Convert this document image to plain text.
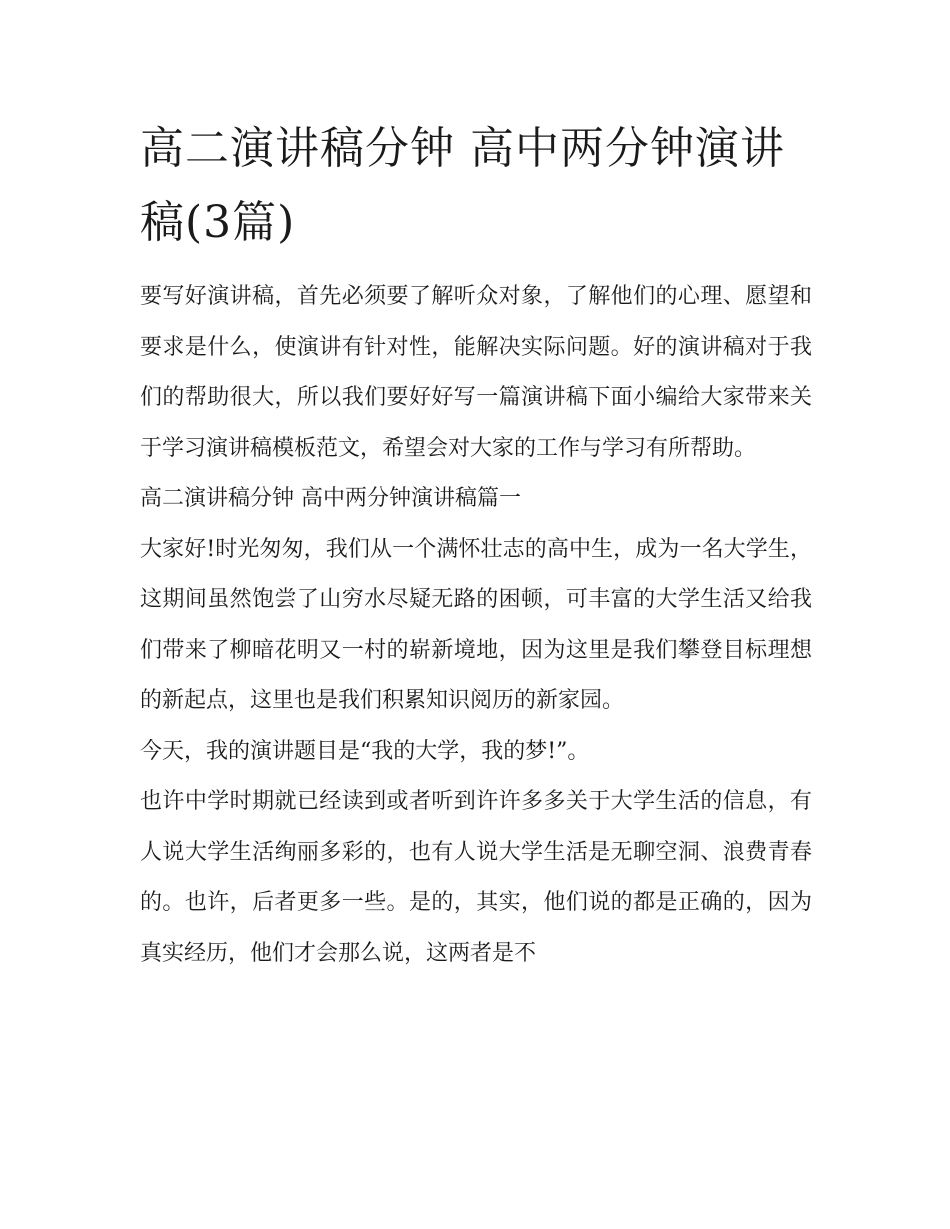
高二演讲稿分钟 高中两分钟演讲稿(3篇)

要写好演讲稿，首先必须要了解听众对象，了解他们的心理、愿望和要求是什么，使演讲有针对性，能解决实际问题。好的演讲稿对于我们的帮助很大，所以我们要好好写一篇演讲稿下面小编给大家带来关于学习演讲稿模板范文，希望会对大家的工作与学习有所帮助。

高二演讲稿分钟 高中两分钟演讲稿篇一

大家好!时光匆匆，我们从一个满怀壮志的高中生，成为一名大学生，这期间虽然饱尝了山穷水尽疑无路的困顿，可丰富的大学生活又给我们带来了柳暗花明又一村的崭新境地，因为这里是我们攀登目标理想的新起点，这里也是我们积累知识阅历的新家园。

今天，我的演讲题目是“我的大学，我的梦!”。

也许中学时期就已经读到或者听到许许多多关于大学生活的信息，有人说大学生活绚丽多彩的，也有人说大学生活是无聊空洞、浪费青春的。也许，后者更多一些。是的，其实，他们说的都是正确的，因为真实经历，他们才会那么说，这两者是不
